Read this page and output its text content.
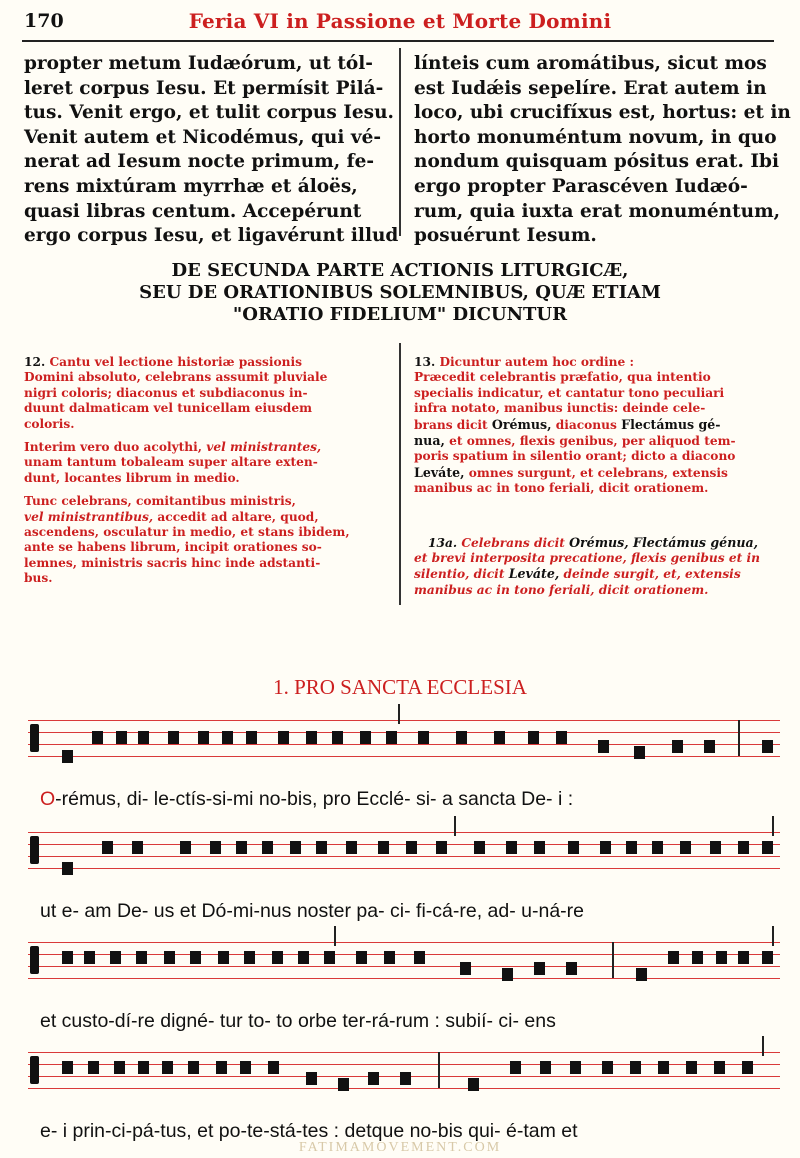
170	Feria VI in Passione et Morte Domini
propter metum Iudæórum, ut tól-
leret corpus Iesu. Et permísit Pilá-
tus. Venit ergo, et tulit corpus Iesu.
Venit autem et Nicodémus, qui vé-
nerat ad Iesum nocte primum, fe-
rens mixtúram myrrhæ et áloës,
quasi libras centum. Accepérunt
ergo corpus Iesu, et ligavérunt illud
línteis cum aromátibus, sicut mos
est Iudǽis sepelíre. Erat autem in
loco, ubi crucifíxus est, hortus: et in
horto monuméntum novum, in quo
nondum quisquam pósitus erat. Ibi
ergo propter Parascéven Iudæó-
rum, quia iuxta erat monuméntum,
posuérunt Iesum.
DE SECUNDA PARTE ACTIONIS LITURGICÆ,
SEU DE ORATIONIBUS SOLEMNIBUS, QUÆ ETIAM
"ORATIO FIDELIUM" DICUNTUR

12. Cantu vel lectione historiæ passionis
Domini absoluto, celebrans assumit pluviale
nigri coloris; diaconus et subdiaconus in-
duunt dalmaticam vel tunicellam eiusdem
coloris.

Interim vero duo acolythi, vel ministrantes,
unam tantum tobaleam super altare exten-
dunt, locantes librum in medio.

Tunc celebrans, comitantibus ministris,
vel ministrantibus, accedit ad altare, quod,
ascendens, osculatur in medio, et stans ibidem,
ante se habens librum, incipit orationes so-
lemnes, ministris sacris hinc inde adstanti-
bus.

13. Dicuntur autem hoc ordine :
Præcedit celebrantis præfatio, qua intentio
specialis indicatur, et cantatur tono peculiari
infra notato, manibus iunctis: deinde cele-
brans dicit Orémus, diaconus Flectámus gé-
nua, et omnes, flexis genibus, per aliquod tem-
poris spatium in silentio orant; dicto a diacono
Leváte, omnes surgunt, et celebrans, extensis
manibus ac in tono feriali, dicit orationem.

13a. Celebrans dicit Orémus, Flectámus génua,
et brevi interposita precatione, flexis genibus et in
silentio, dicit Leváte, deinde surgit, et, extensis
manibus ac in tono feriali, dicit orationem.
1. PRO SANCTA ECCLESIA
O-rémus, di- le-ctís-si-mi no-bis, pro Ecclé- si- a sancta De- i :
ut e- am De- us et Dó-mi-nus noster pa- ci- fi-cá-re, ad- u-ná-re
et custo-dí-re digné- tur to- to orbe ter-rá-rum : subií- ci- ens
e- i prin-ci-pá-tus, et po-te-stá-tes : detque no-bis qui- é-tam et
FATIMAMOVEMENT.COM
